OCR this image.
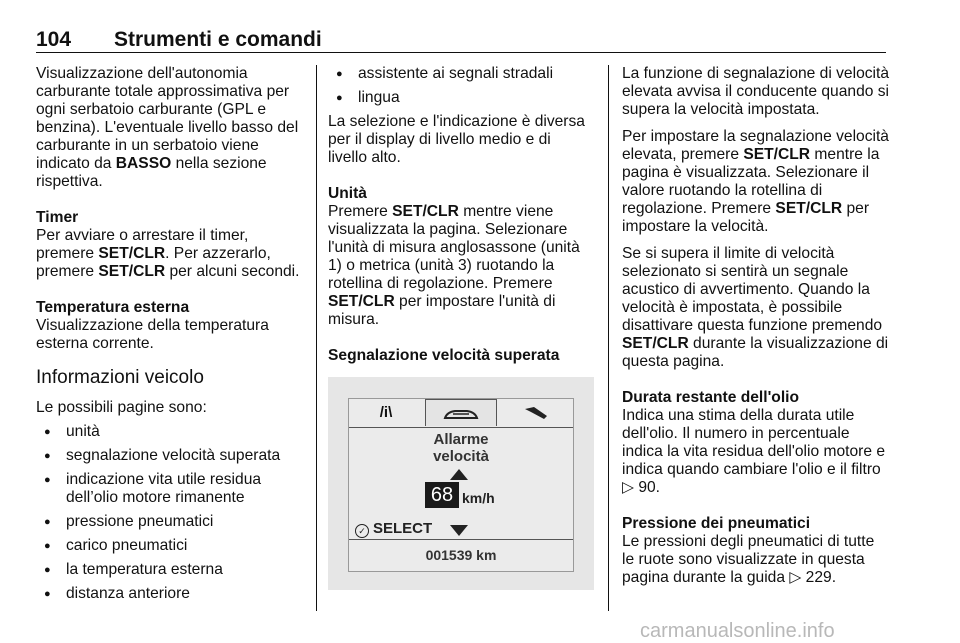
104 Strumenti e comandi

Visualizzazione dell'autonomia carburante totale approssimativa per ogni serbatoio carburante (GPL e benzina). L'eventuale livello basso del carburante in un serbatoio viene indicato da BASSO nella sezione rispettiva.

Timer

Per avviare o arrestare il timer, premere SET/CLR. Per azzerarlo, premere SET/CLR per alcuni secondi.

Temperatura esterna

Visualizzazione della temperatura esterna corrente.

Informazioni veicolo

Le possibili pagine sono:

● unità
● segnalazione velocità superata
● indicazione vita utile residua dell’olio motore rimanente
● pressione pneumatici
● carico pneumatici
● la temperatura esterna
● distanza anteriore
● assistente ai segnali stradali
● lingua

La selezione e l'indicazione è diversa per il display di livello medio e di livello alto.

Unità

Premere SET/CLR mentre viene visualizzata la pagina. Selezionare l'unità di misura anglosassone (unità 1) o metrica (unità 3) ruotando la rotellina di regolazione. Premere SET/CLR per impostare l'unità di misura.

Segnalazione velocità superata
/i\
Allarme
velocità
68 km/h
✓ SELECT
001539 km

La funzione di segnalazione di velocità elevata avvisa il conducente quando si supera la velocità impostata.

Per impostare la segnalazione velocità elevata, premere SET/CLR mentre la pagina è visualizzata. Selezionare il valore ruotando la rotellina di regolazione. Premere SET/CLR per impostare la velocità.

Se si supera il limite di velocità selezionato si sentirà un segnale acustico di avvertimento. Quando la velocità è impostata, è possibile disattivare questa funzione premendo SET/CLR durante la visualizzazione di questa pagina.

Durata restante dell'olio

Indica una stima della durata utile dell'olio. Il numero in percentuale indica la vita residua dell'olio motore e indica quando cambiare l'olio e il filtro ▷ 90.

Pressione dei pneumatici

Le pressioni degli pneumatici di tutte le ruote sono visualizzate in questa pagina durante la guida ▷ 229.

carmanualsonline.info
